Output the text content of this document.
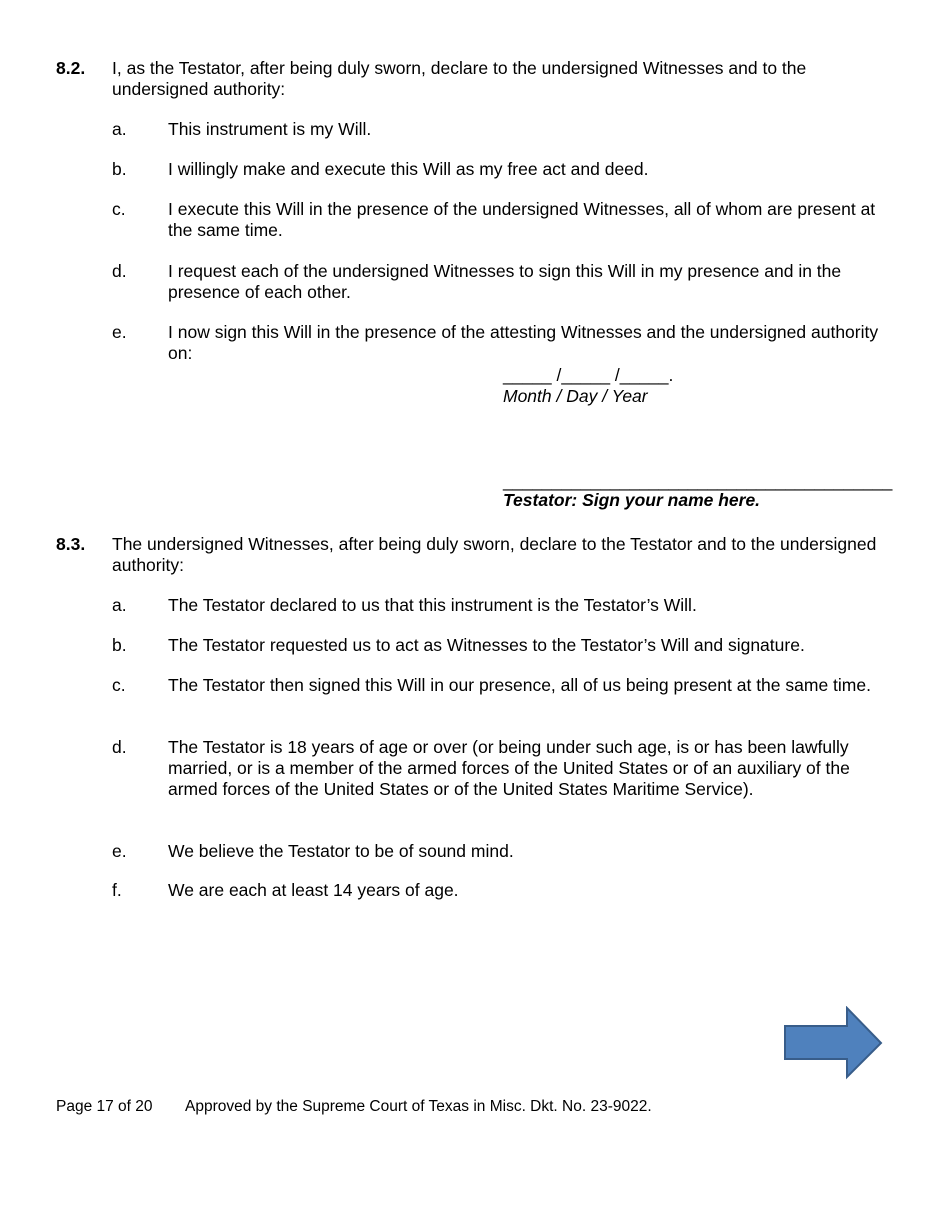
8.2. I, as the Testator, after being duly sworn, declare to the undersigned Witnesses and to the undersigned authority:
a. This instrument is my Will.
b. I willingly make and execute this Will as my free act and deed.
c. I execute this Will in the presence of the undersigned Witnesses, all of whom are present at the same time.
d. I request each of the undersigned Witnesses to sign this Will in my presence and in the presence of each other.
e. I now sign this Will in the presence of the attesting Witnesses and the undersigned authority on:
_____ /_____ /_____.
Month / Day / Year
________________________________________
Testator: Sign your name here.
8.3. The undersigned Witnesses, after being duly sworn, declare to the Testator and to the undersigned authority:
a. The Testator declared to us that this instrument is the Testator’s Will.
b. The Testator requested us to act as Witnesses to the Testator’s Will and signature.
c. The Testator then signed this Will in our presence, all of us being present at the same time.
d. The Testator is 18 years of age or over (or being under such age, is or has been lawfully married, or is a member of the armed forces of the United States or of an auxiliary of the armed forces of the United States or of the United States Maritime Service).
e. We believe the Testator to be of sound mind.
f.	We are each at least 14 years of age.
Page 17 of 20 Approved by the Supreme Court of Texas in Misc. Dkt. No. 23-9022.
